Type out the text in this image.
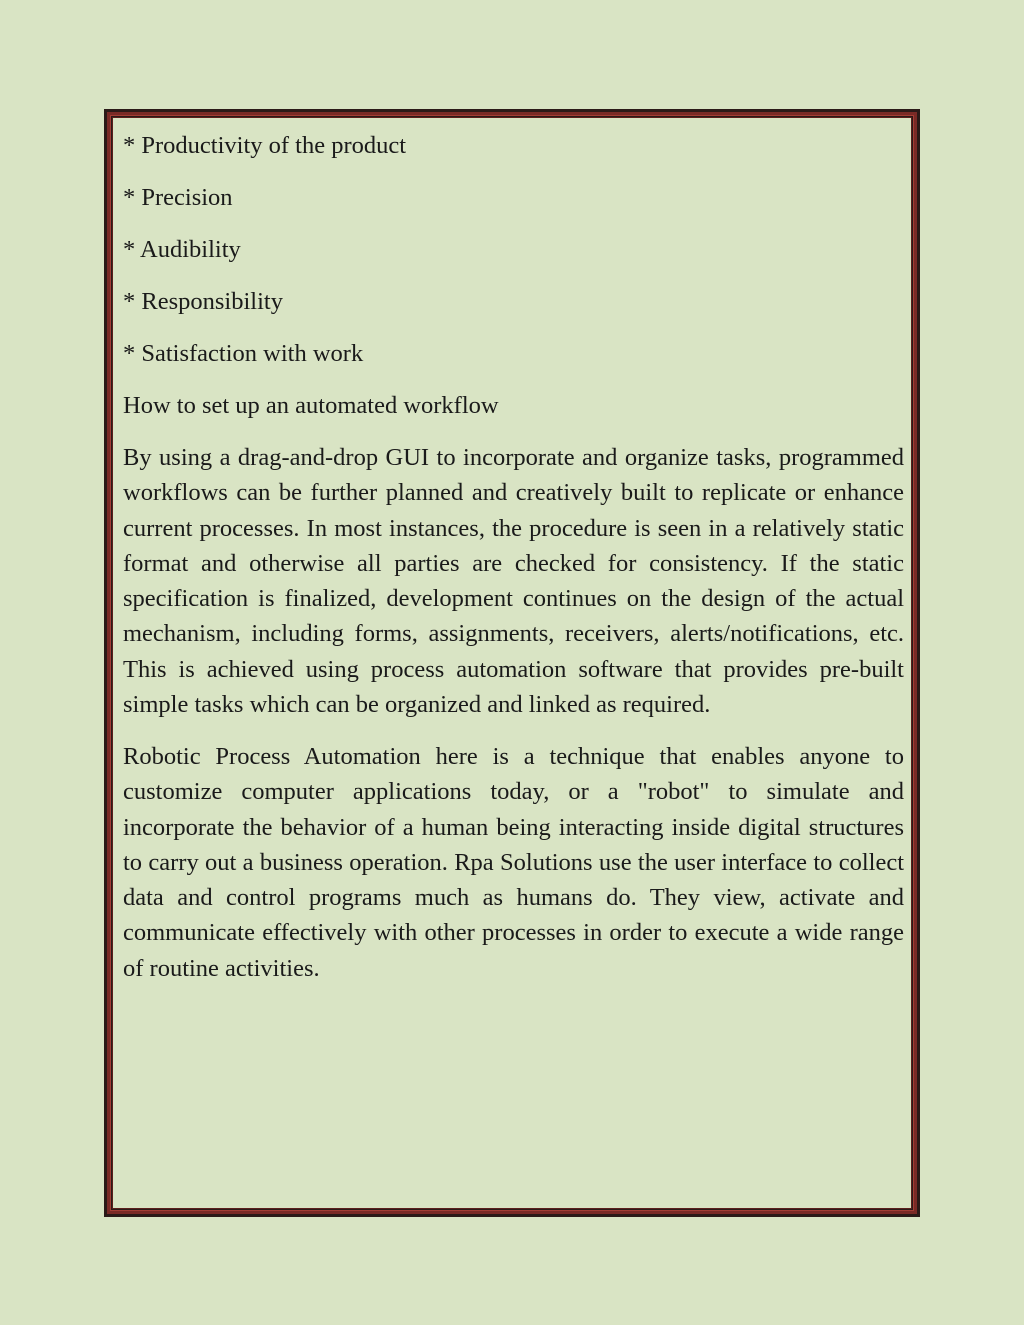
* Productivity of the product

* Precision

* Audibility

* Responsibility

* Satisfaction with work

How to set up an automated workflow

By using a drag-and-drop GUI to incorporate and organize tasks, programmed workflows can be further planned and creatively built to replicate or enhance current processes. In most instances, the procedure is seen in a relatively static format and otherwise all parties are checked for consistency. If the static specification is finalized, development continues on the design of the actual mechanism, including forms, assignments, receivers, alerts/notifications, etc. This is achieved using process automation software that provides pre-built simple tasks which can be organized and linked as required.

Robotic Process Automation here is a technique that enables anyone to customize computer applications today, or a "robot" to simulate and incorporate the behavior of a human being interacting inside digital structures to carry out a business operation. Rpa Solutions use the user interface to collect data and control programs much as humans do. They view, activate and communicate effectively with other processes in order to execute a wide range of routine activities.
